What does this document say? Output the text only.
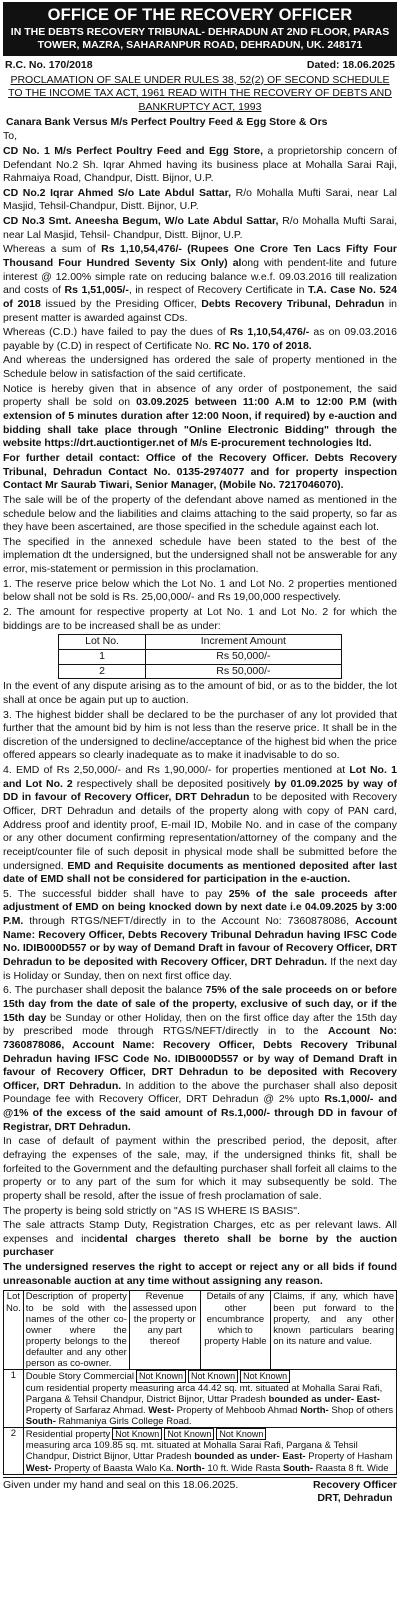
OFFICE OF THE RECOVERY OFFICER
IN THE DEBTS RECOVERY TRIBUNAL- DEHRADUN AT 2ND FLOOR, PARAS TOWER, MAZRA, SAHARANPUR ROAD, DEHRADUN, UK. 248171
R.C. No. 170/2018	Dated: 18.06.2025
PROCLAMATION OF SALE UNDER RULES 38, 52(2) OF SECOND SCHEDULE TO THE INCOME TAX ACT, 1961 READ WITH THE RECOVERY OF DEBTS AND BANKRUPTCY ACT, 1993

Canara Bank Versus M/s Perfect Poultry Feed & Egg Store & Ors

To,

CD No. 1 M/s Perfect Poultry Feed and Egg Store, a proprietorship concern of Defendant No.2 Sh. Iqrar Ahmed having its business place at Mohalla Sarai Raji, Rahmaiya Road, Chandpur, Distt. Bijnor, U.P.

CD No.2 Iqrar Ahmed S/o Late Abdul Sattar, R/o Mohalla Mufti Sarai, near Lal Masjid, Tehsil-Chandpur, Distt. Bijnor, U.P.

CD No.3 Smt. Aneesha Begum, W/o Late Abdul Sattar, R/o Mohalla Mufti Sarai, near Lal Masjid, Tehsil- Chandpur, Distt. Bijnor, U.P.

Whereas a sum of Rs 1,10,54,476/- (Rupees One Crore Ten Lacs Fifty Four Thousand Four Hundred Seventy Six Only) along with pendent-lite and future interest @ 12.00% simple rate on reducing balance w.e.f. 09.03.2016 till realization and costs of Rs 1,51,005/-, in respect of Recovery Certificate in T.A. Case No. 524 of 2018 issued by the Presiding Officer, Debts Recovery Tribunal, Dehradun in present matter is awarded against CDs.

Whereas (C.D.) have failed to pay the dues of Rs 1,10,54,476/- as on 09.03.2016 payable by (C.D) in respect of Certificate No. RC No. 170 of 2018.

And whereas the undersigned has ordered the sale of property mentioned in the Schedule below in satisfaction of the said certificate.

Notice is hereby given that in absence of any order of postponement, the said property shall be sold on 03.09.2025 between 11:00 A.M to 12:00 P.M (with extension of 5 minutes duration after 12:00 Noon, if required) by e-auction and bidding shall take place through "Online Electronic Bidding" through the website https://drt.auctiontiger.net of M/s E-procurement technologies ltd.

For further detail contact: Office of the Recovery Officer. Debts Recovery Tribunal, Dehradun Contact No. 0135-2974077 and for property inspection Contact Mr Saurab Tiwari, Senior Manager, (Mobile No. 7217046070).

The sale will be of the property of the defendant above named as mentioned in the schedule below and the liabilities and claims attaching to the said property, so far as they have been ascertained, are those specified in the schedule against each lot.

The specified in the annexed schedule have been stated to the best of the implemation dt the undersigned, but the undersigned shall not be answerable for any error, mis-statement or permission in this proclamation.

1. The reserve price below which the Lot No. 1 and Lot No. 2 properties mentioned below shall not be sold is Rs. 25,00,000/- and Rs 19,00,000 respectively.

2. The amount for respective property at Lot No. 1 and Lot No. 2 for which the biddings are to be increased shall be as under:

Lot No.	Increment Amount
1	Rs 50,000/-
2	Rs 50,000/-

In the event of any dispute arising as to the amount of bid, or as to the bidder, the lot shall at once be again put up to auction.

3. The highest bidder shall be declared to be the purchaser of any lot provided that further that the amount bid by him is not less than the reserve price. It shall be in the discretion of the undersigned to decline/acceptance of the highest bid when the price offered appears so clearly inadequate as to make it inadvisable to do so.

4. EMD of Rs 2,50,000/- and Rs 1,90,000/- for properties mentioned at Lot No. 1 and Lot No. 2 respectively shall be deposited positively by 01.09.2025 by way of DD in favour of Recovery Officer, DRT Dehradun to be deposited with Recovery Officer, DRT Dehradun and details of the property along with copy of PAN card, Address proof and identity proof, E-mail ID, Mobile No. and in case of the company or any other document confirming representation/attorney of the company and the receipt/counter file of such deposit in physical mode shall be submitted before the undersigned. EMD and Requisite documents as mentioned deposited after last date of EMD shall not be considered for participation in the e-auction.

5. The successful bidder shall have to pay 25% of the sale proceeds after adjustment of EMD on being knocked down by next date i.e 04.09.2025 by 3:00 P.M. through RTGS/NEFT/directly in to the Account No: 7360878086, Account Name: Recovery Officer, Debts Recovery Tribunal Dehradun having IFSC Code No. IDIB000D557 or by way of Demand Draft in favour of Recovery Officer, DRT Dehradun to be deposited with Recovery Officer, DRT Dehradun. If the next day is Holiday or Sunday, then on next first office day.

6. The purchaser shall deposit the balance 75% of the sale proceeds on or before 15th day from the date of sale of the property, exclusive of such day, or if the 15th day be Sunday or other Holiday, then on the first office day after the 15th day by prescribed mode through RTGS/NEFT/directly in to the Account No: 7360878086, Account Name: Recovery Officer, Debts Recovery Tribunal Dehradun having IFSC Code No. IDIB000D557 or by way of Demand Draft in favour of Recovery Officer, DRT Dehradun to be deposited with Recovery Officer, DRT Dehradun. In addition to the above the purchaser shall also deposit Poundage fee with Recovery Officer, DRT Dehradun @ 2% upto Rs.1,000/- and @1% of the excess of the said amount of Rs.1,000/- through DD in favour of Registrar, DRT Dehradun.

In case of default of payment within the prescribed period, the deposit, after defraying the expenses of the sale, may, if the undersigned thinks fit, shall be forfeited to the Government and the defaulting purchaser shall forfeit all claims to the property or to any part of the sum for which it may subsequently be sold. The property shall be resold, after the issue of fresh proclamation of sale.

The property is being sold strictly on "AS IS WHERE IS BASIS".

The sale attracts Stamp Duty, Registration Charges, etc as per relevant laws. All expenses and incidental charges thereto shall be borne by the auction purchaser

The undersigned reserves the right to accept or reject any or all bids if found unreasonable auction at any time without assigning any reason.

Lot No.	Description of property to be sold with the names of the other co-owner where the property belongs to the defaulter and any other person as co-owner.	Revenue assessed upon the property or any part thereof	Details of any other encumbrance which to property Hable	Claims, if any, which have been put forward to the property, and any other known particulars bearing on its nature and value.
1	Double Story Commercial Not Known Not Known Not Known
cum residential property measuring arca 44.42 sq. mt. situated at Mohalla Sarai Rafi, Pargana & Tehsil Chandpur, District Bijnor, Uttar Pradesh bounded as under- East- Property of Sarfaraz Ahmad. West- Property of Mehboob Ahmad North- Shop of others South- Rahmaniya Girls College Road.			
2	Residential property Not Known Not Known Not Known
measuring arca 109.85 sq. mt. situated at Mohalla Sarai Rafi, Pargana & Tehsil Chandpur, District Bijnor, Uttar Pradesh bounded as under- East- Property of Hasham West- Property of Baasta Walo Ka. North- 10 ft. Wide Rasta South- Raasta 8 ft. Wide			
Given under my hand and seal on this 18.06.2025.	Recovery Officer
DRT, Dehradun
